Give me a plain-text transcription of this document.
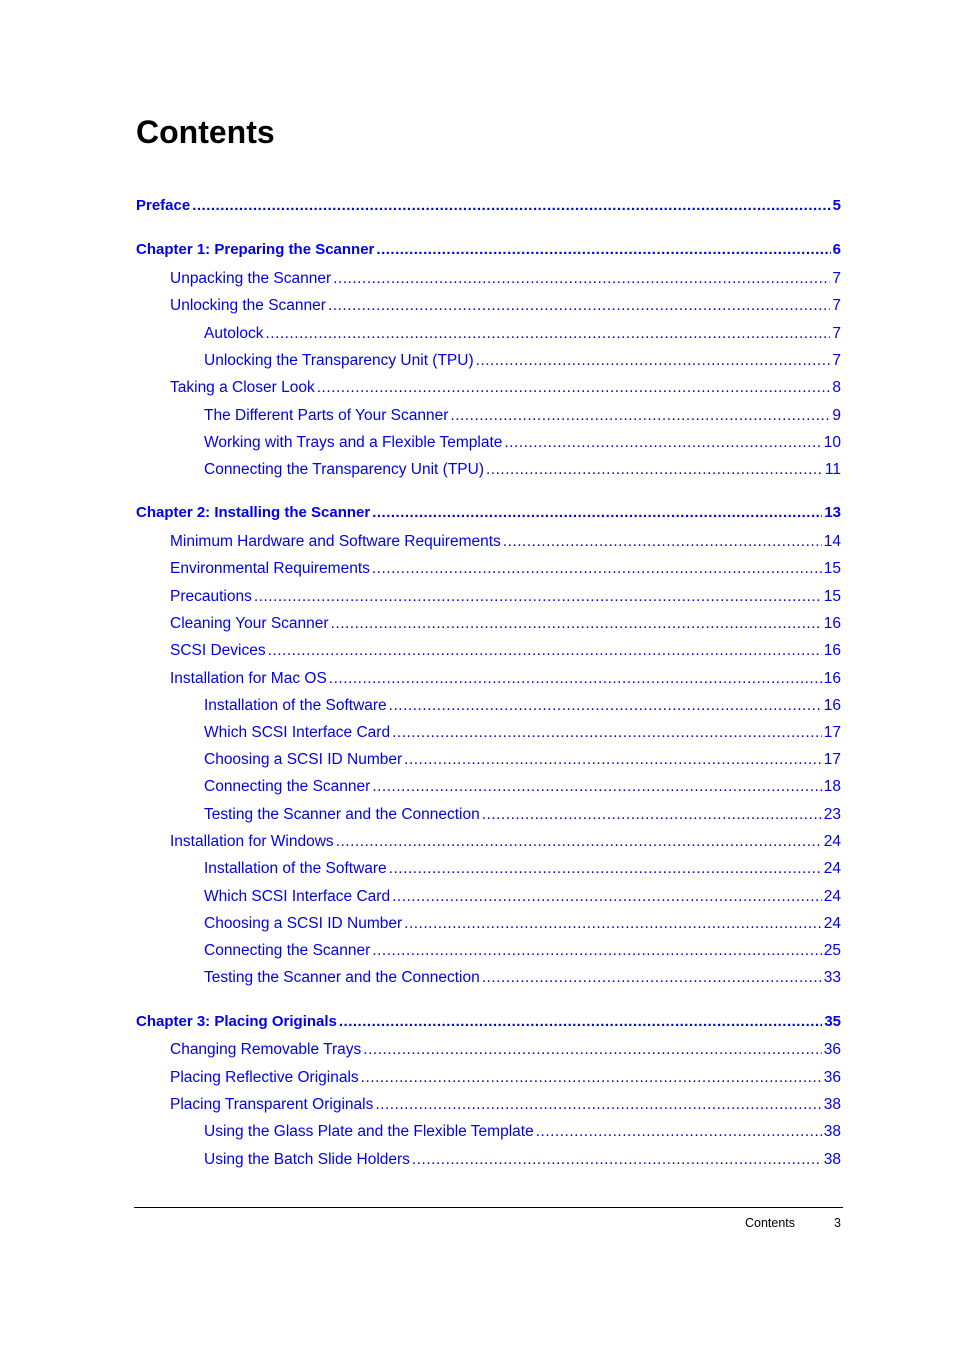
Contents
Preface .....	5
Chapter 1: Preparing the Scanner .....	6
Unpacking the Scanner .....	7
Unlocking the Scanner .....	7
Autolock .....	7
Unlocking the Transparency Unit (TPU) .....	7
Taking a Closer Look .....	8
The Different Parts of Your Scanner .....	9
Working with Trays and a Flexible Template .....	10
Connecting the Transparency Unit (TPU) .....	11
Chapter 2: Installing the Scanner .....	13
Minimum Hardware and Software Requirements .....	14
Environmental Requirements .....	15
Precautions .....	15
Cleaning Your Scanner .....	16
SCSI Devices .....	16
Installation for Mac OS .....	16
Installation of the Software .....	16
Which SCSI Interface Card .....	17
Choosing a SCSI ID Number .....	17
Connecting the Scanner .....	18
Testing the Scanner and the Connection .....	23
Installation for Windows .....	24
Installation of the Software .....	24
Which SCSI Interface Card .....	24
Choosing a SCSI ID Number .....	24
Connecting the Scanner .....	25
Testing the Scanner and the Connection .....	33
Chapter 3: Placing Originals .....	35
Changing Removable Trays .....	36
Placing Reflective Originals .....	36
Placing Transparent Originals .....	38
Using the Glass Plate and the Flexible Template .....	38
Using the Batch Slide Holders .....	38
Contents	3
